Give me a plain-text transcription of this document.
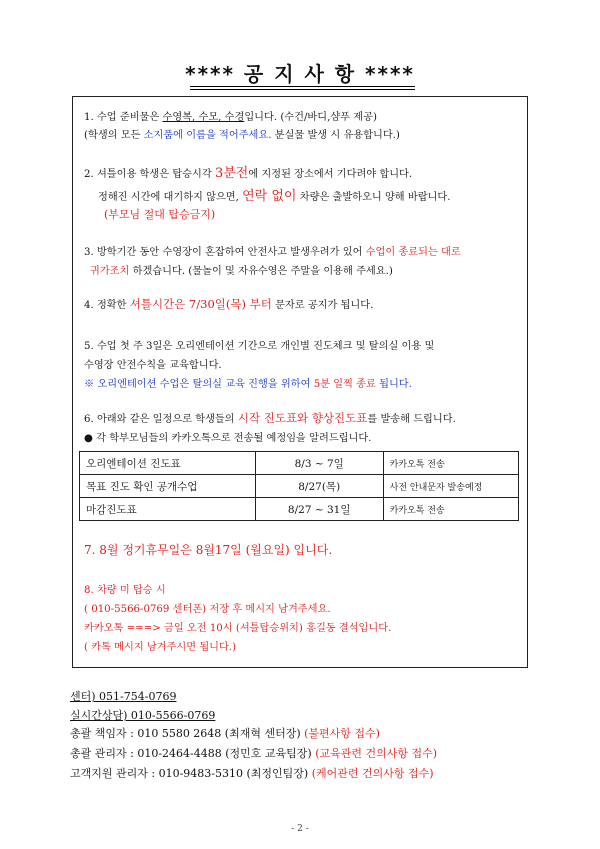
**** 공 지 사 항 ****
1. 수업 준비물은 수영복, 수모, 수경입니다. (수건/바디,샴푸 제공)
(학생의 모든 소지품에 이름을 적어주세요. 분실물 발생 시 유용합니다.)
2. 셔틀이용 학생은 탑승시각 3분전에 지정된 장소에서 기다려야 합니다.
정해진 시간에 대기하지 않으면, 연락 없이 차량은 출발하오니 양해 바랍니다.
(부모님 절대 탑승금지)
3. 방학기간 동안 수영장이 혼잡하여 안전사고 발생우려가 있어 수업이 종료되는 대로
귀가조치 하겠습니다. (물놀이 및 자유수영은 주말을 이용해 주세요.)
4. 정확한 셔틀시간은 7/30일(목) 부터 문자로 공지가 됩니다.
5. 수업 첫 주 3일은 오리엔테이션 기간으로 개인별 진도체크 및 탈의실 이용 및
수영장 안전수칙을 교육합니다.
※ 오리엔테이션 수업은 탈의실 교육 진행을 위하여 5분 일찍 종료 됩니다.
6. 아래와 같은 일정으로 학생들의 시작 진도표와 향상진도표를 발송해 드립니다.
● 각 학부모님들의 카카오톡으로 전송될 예정임을 알려드립니다.
오리엔테이션 진도표	8/3 ~ 7일	카카오톡 전송
목표 진도 확인 공개수업	8/27(목)	사전 안내문자 발송예정
마감진도표	8/27 ~ 31일	카카오톡 전송
7. 8월 정기휴무일은 8월17일 (월요일) 입니다.
8. 차량 미 탑승 시
( 010-5566-0769 센터폰) 저장 후 메시지 남겨주세요.
카카오톡 ===> 금일 오전 10시 (셔틀탑승위치) 홍길동 결석입니다.
( 카톡 메시지 남겨주시면 됩니다.)
센터) 051-754-0769
실시간상담) 010-5566-0769
총괄 책임자 : 010 5580 2648 (최재혁 센터장) (불편사항 접수)
총괄 관리자 : 010-2464-4488 (정민호 교육팀장) (교육관련 건의사항 접수)
고객지원 관리자 : 010-9483-5310 (최정인팀장) (케어관련 건의사항 접수)
- 2 -
